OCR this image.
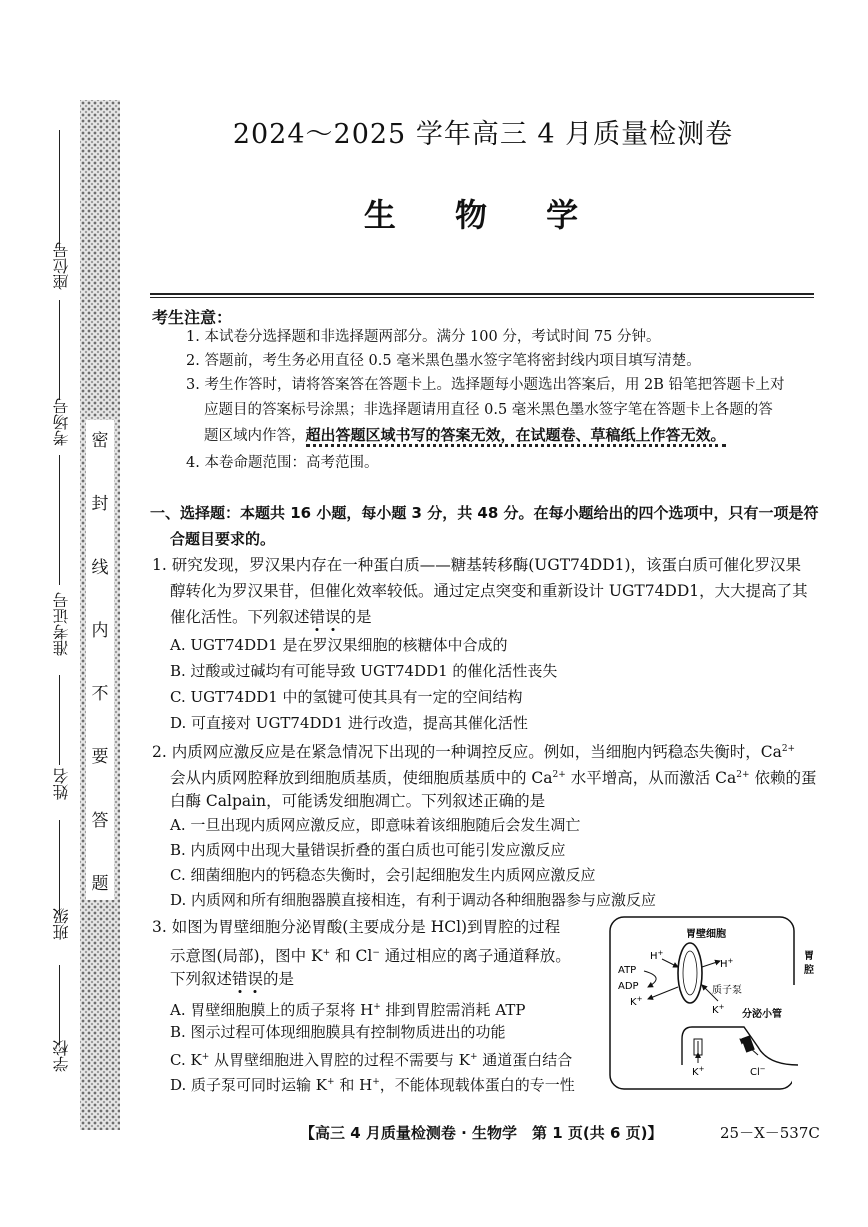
密
封
线
内
不
要
答
题
座位号
考场号
准考证号
姓名
班级
学校
2024～2025 学年高三 4 月质量检测卷
生 物 学
考生注意：
1. 本试卷分选择题和非选择题两部分。满分 100 分，考试时间 75 分钟。
2. 答题前，考生务必用直径 0.5 毫米黑色墨水签字笔将密封线内项目填写清楚。
3. 考生作答时，请将答案答在答题卡上。选择题每小题选出答案后，用 2B 铅笔把答题卡上对
应题目的答案标号涂黑；非选择题请用直径 0.5 毫米黑色墨水签字笔在答题卡上各题的答
题区域内作答，超出答题区域书写的答案无效，在试题卷、草稿纸上作答无效。
4. 本卷命题范围：高考范围。
一、选择题：本题共 16 小题，每小题 3 分，共 48 分。在每小题给出的四个选项中，只有一项是符
合题目要求的。
1. 研究发现，罗汉果内存在一种蛋白质——糖基转移酶(UGT74DD1)，该蛋白质可催化罗汉果
醇转化为罗汉果苷，但催化效率较低。通过定点突变和重新设计 UGT74DD1，大大提高了其
催化活性。下列叙述错误的是
A. UGT74DD1 是在罗汉果细胞的核糖体中合成的
B. 过酸或过碱均有可能导致 UGT74DD1 的催化活性丧失
C. UGT74DD1 中的氢键可使其具有一定的空间结构
D. 可直接对 UGT74DD1 进行改造，提高其催化活性
2. 内质网应激反应是在紧急情况下出现的一种调控反应。例如，当细胞内钙稳态失衡时，$Ca^{2+}$
会从内质网腔释放到细胞质基质，使细胞质基质中的 $Ca^{2+}$ 水平增高，从而激活 $Ca^{2+}$ 依赖的蛋
白酶 Calpain，可能诱发细胞凋亡。下列叙述正确的是
A. 一旦出现内质网应激反应，即意味着该细胞随后会发生凋亡
B. 内质网中出现大量错误折叠的蛋白质也可能引发应激反应
C. 细菌细胞内的钙稳态失衡时，会引起细胞发生内质网应激反应
D. 内质网和所有细胞器膜直接相连，有利于调动各种细胞器参与应激反应
3. 如图为胃壁细胞分泌胃酸(主要成分是 HCl)到胃腔的过程
示意图(局部)，图中 K+ 和 Cl− 通过相应的离子通道释放。
下列叙述错误的是
A. 胃壁细胞膜上的质子泵将 H+ 排到胃腔需消耗 ATP
B. 图示过程可体现细胞膜具有控制物质进出的功能
C. K+ 从胃壁细胞进入胃腔的过程不需要与 K+ 通道蛋白结合
D. 质子泵可同时运输 K+ 和 H+，不能体现载体蛋白的专一性
胃壁细胞
胃
腔
H+
H+
ATP
ADP
K+
质子泵
K+
分泌小管
K+	Cl−
【高三 4 月质量检测卷 · 生物学　第 1 页(共 6 页)】	25－X－537C
